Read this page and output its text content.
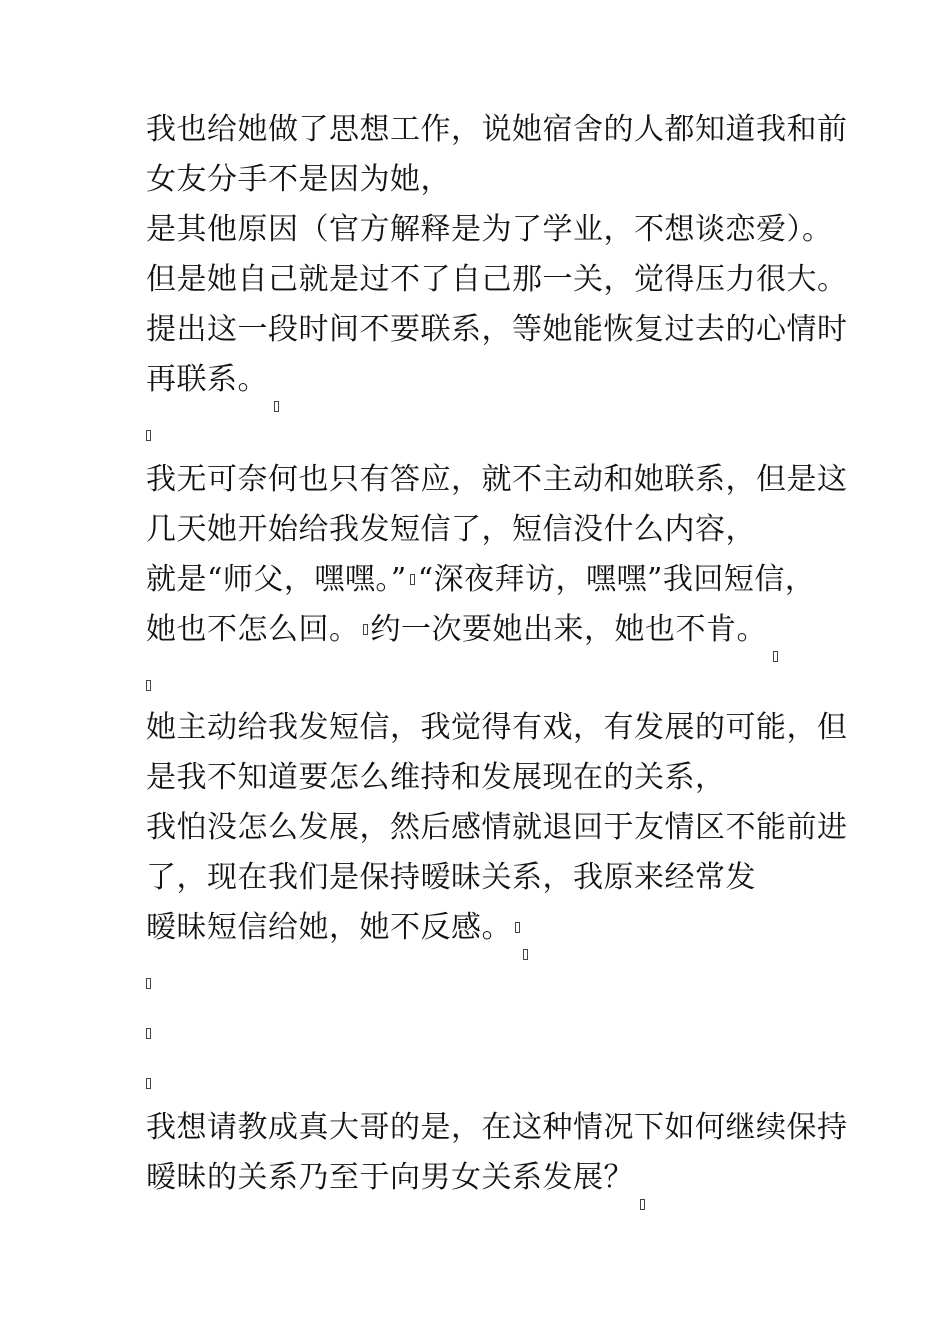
我也给她做了思想工作，说她宿舍的人都知道我和前
女友分手不是因为她，
是其他原因（官方解释是为了学业，不想谈恋爱）。
但是她自己就是过不了自己那一关，觉得压力很大。
提出这一段时间不要联系，等她能恢复过去的心情时
再联系。
我无可奈何也只有答应，就不主动和她联系，但是这
几天她开始给我发短信了，短信没什么内容，
就是“师父，嘿嘿。” “深夜拜访，嘿嘿”我回短信，
她也不怎么回。 约一次要她出来，她也不肯。
她主动给我发短信，我觉得有戏，有发展的可能，但
是我不知道要怎么维持和发展现在的关系，
我怕没怎么发展，然后感情就退回于友情区不能前进
了，现在我们是保持暧昧关系，我原来经常发
暧昧短信给她，她不反感。
我想请教成真大哥的是，在这种情况下如何继续保持
暧昧的关系乃至于向男女关系发展？
